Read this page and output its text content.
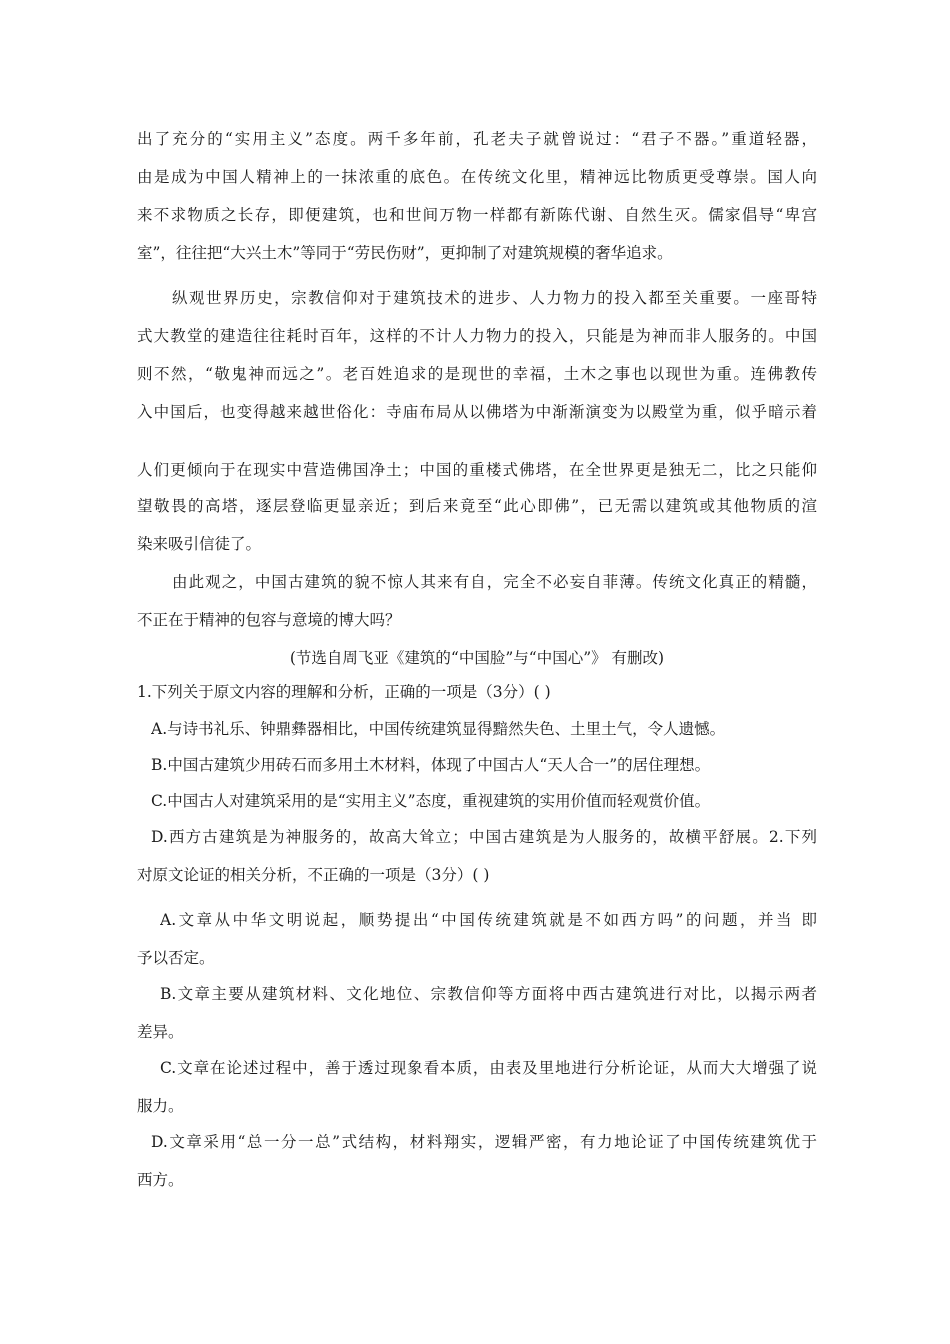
出了充分的“实用主义”态度。两千多年前，孔老夫子就曾说过：“君子不器。”重道轻器，
由是成为中国人精神上的一抹浓重的底色。在传统文化里，精神远比物质更受尊崇。国人向
来不求物质之长存，即便建筑，也和世间万物一样都有新陈代谢、自然生灭。儒家倡导“卑宫
室”，往往把“大兴土木”等同于“劳民伤财”，更抑制了对建筑规模的奢华追求。
纵观世界历史，宗教信仰对于建筑技术的进步、人力物力的投入都至关重要。一座哥特
式大教堂的建造往往耗时百年，这样的不计人力物力的投入，只能是为神而非人服务的。中国
则不然，“敬鬼神而远之”。老百姓追求的是现世的幸福，土木之事也以现世为重。连佛教传
入中国后，也变得越来越世俗化：寺庙布局从以佛塔为中渐渐演变为以殿堂为重，似乎暗示着
人们更倾向于在现实中营造佛国净土；中国的重楼式佛塔，在全世界更是独无二，比之只能仰
望敬畏的高塔，逐层登临更显亲近；到后来竟至“此心即佛”，已无需以建筑或其他物质的渲
染来吸引信徒了。
由此观之，中国古建筑的貌不惊人其来有自，完全不必妄自菲薄。传统文化真正的精髓，
不正在于精神的包容与意境的博大吗？
(节选自周飞亚《建筑的“中国脸”与“中国心”》 有删改)
1.下列关于原文内容的理解和分析，正确的一项是（3分）( )
A.与诗书礼乐、钟鼎彝器相比，中国传统建筑显得黯然失色、土里土气，令人遗憾。
B.中国古建筑少用砖石而多用土木材料，体现了中国古人“天人合一”的居住理想。
C.中国古人对建筑采用的是“实用主义”态度，重视建筑的实用价值而轻观赏价值。
D.西方古建筑是为神服务的，故高大耸立；中国古建筑是为人服务的，故横平舒展。2.下列
对原文论证的相关分析，不正确的一项是（3分）( )
A.文章从中华文明说起，顺势提出“中国传统建筑就是不如西方吗”的问题，并当 即
予以否定。
B.文章主要从建筑材料、文化地位、宗教信仰等方面将中西古建筑进行对比，以揭示两者
差异。
C.文章在论述过程中，善于透过现象看本质，由表及里地进行分析论证，从而大大增强了说
服力。
D.文章采用“总一分一总”式结构，材料翔实，逻辑严密，有力地论证了中国传统建筑优于
西方。
